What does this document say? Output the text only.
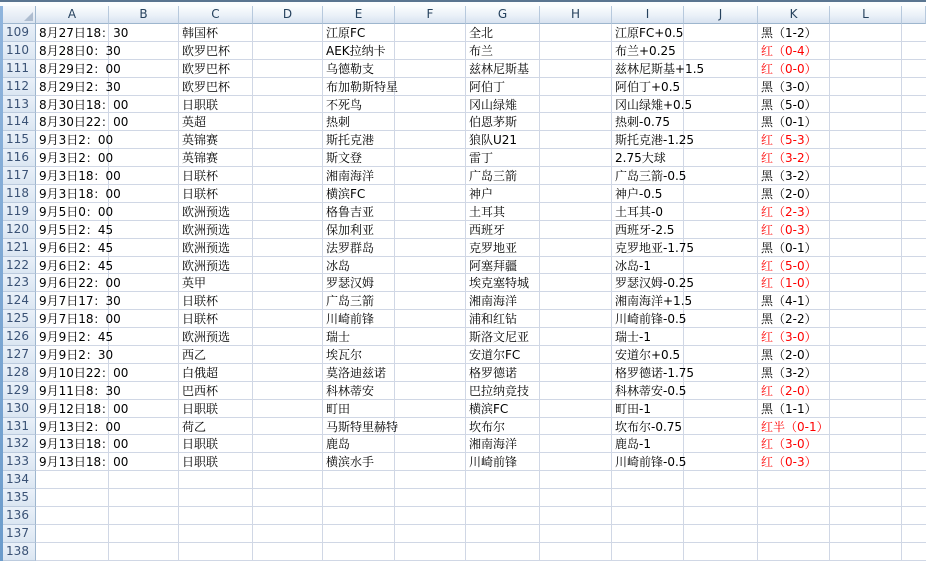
A	B	C	D	E	F	G	H	I	J	K	L
109 8月27日18：30	韩国杯	江原FC	全北	江原FC+0.5	黑（1-2）
110 8月28日0：30	欧罗巴杯	AEK拉纳卡	布兰	布兰+0.25	红（0-4）
111 8月29日2：00	欧罗巴杯	乌德勒支	兹林尼斯基	兹林尼斯基+1.5	红（0-0）
112 8月29日2：30	欧罗巴杯	布加勒斯特星	阿伯丁	阿伯丁+0.5	黑（3-0）
113 8月30日18：00	日职联	不死鸟	冈山绿雉	冈山绿雉+0.5	黑（5-0）
114 8月30日22：00	英超	热刺	伯恩茅斯	热刺-0.75	黑（0-1）
115 9月3日2：00	英锦赛	斯托克港	狼队U21	斯托克港-1.25	红（5-3）
116 9月3日2：00	英锦赛	斯文登	雷丁	2.75大球	红（3-2）
117 9月3日18：00	日联杯	湘南海洋	广岛三箭	广岛三箭-0.5	黑（3-2）
118 9月3日18：00	日联杯	横滨FC	神户	神户-0.5	黑（2-0）
119 9月5日0：00	欧洲预选	格鲁吉亚	土耳其	土耳其-0	红（2-3）
120 9月5日2：45	欧洲预选	保加利亚	西班牙	西班牙-2.5	红（0-3）
121 9月6日2：45	欧洲预选	法罗群岛	克罗地亚	克罗地亚-1.75	黑（0-1）
122 9月6日2：45	欧洲预选	冰岛	阿塞拜疆	冰岛-1	红（5-0）
123 9月6日22：00	英甲	罗瑟汉姆	埃克塞特城	罗瑟汉姆-0.25	红（1-0）
124 9月7日17：30	日联杯	广岛三箭	湘南海洋	湘南海洋+1.5	黑（4-1）
125 9月7日18：00	日联杯	川崎前锋	浦和红钻	川崎前锋-0.5	黑（2-2）
126 9月9日2：45	欧洲预选	瑞士	斯洛文尼亚	瑞士-1	红（3-0）
127 9月9日2：30	西乙	埃瓦尔	安道尔FC	安道尔+0.5	黑（2-0）
128 9月10日22：00	白俄超	莫洛迪兹诺	格罗德诺	格罗德诺-1.75	黑（3-2）
129 9月11日8：30	巴西杯	科林蒂安	巴拉纳竞技	科林蒂安-0.5	红（2-0）
130 9月12日18：00	日职联	町田	横滨FC	町田-1	黑（1-1）
131 9月13日2：00	荷乙	马斯特里赫特	坎布尔	坎布尔-0.75	红半（0-1）
132 9月13日18：00	日职联	鹿岛	湘南海洋	鹿岛-1	红（3-0）
133 9月13日18：00	日职联	横滨水手	川崎前锋	川崎前锋-0.5	红（0-3）
134
135
136
137
138
